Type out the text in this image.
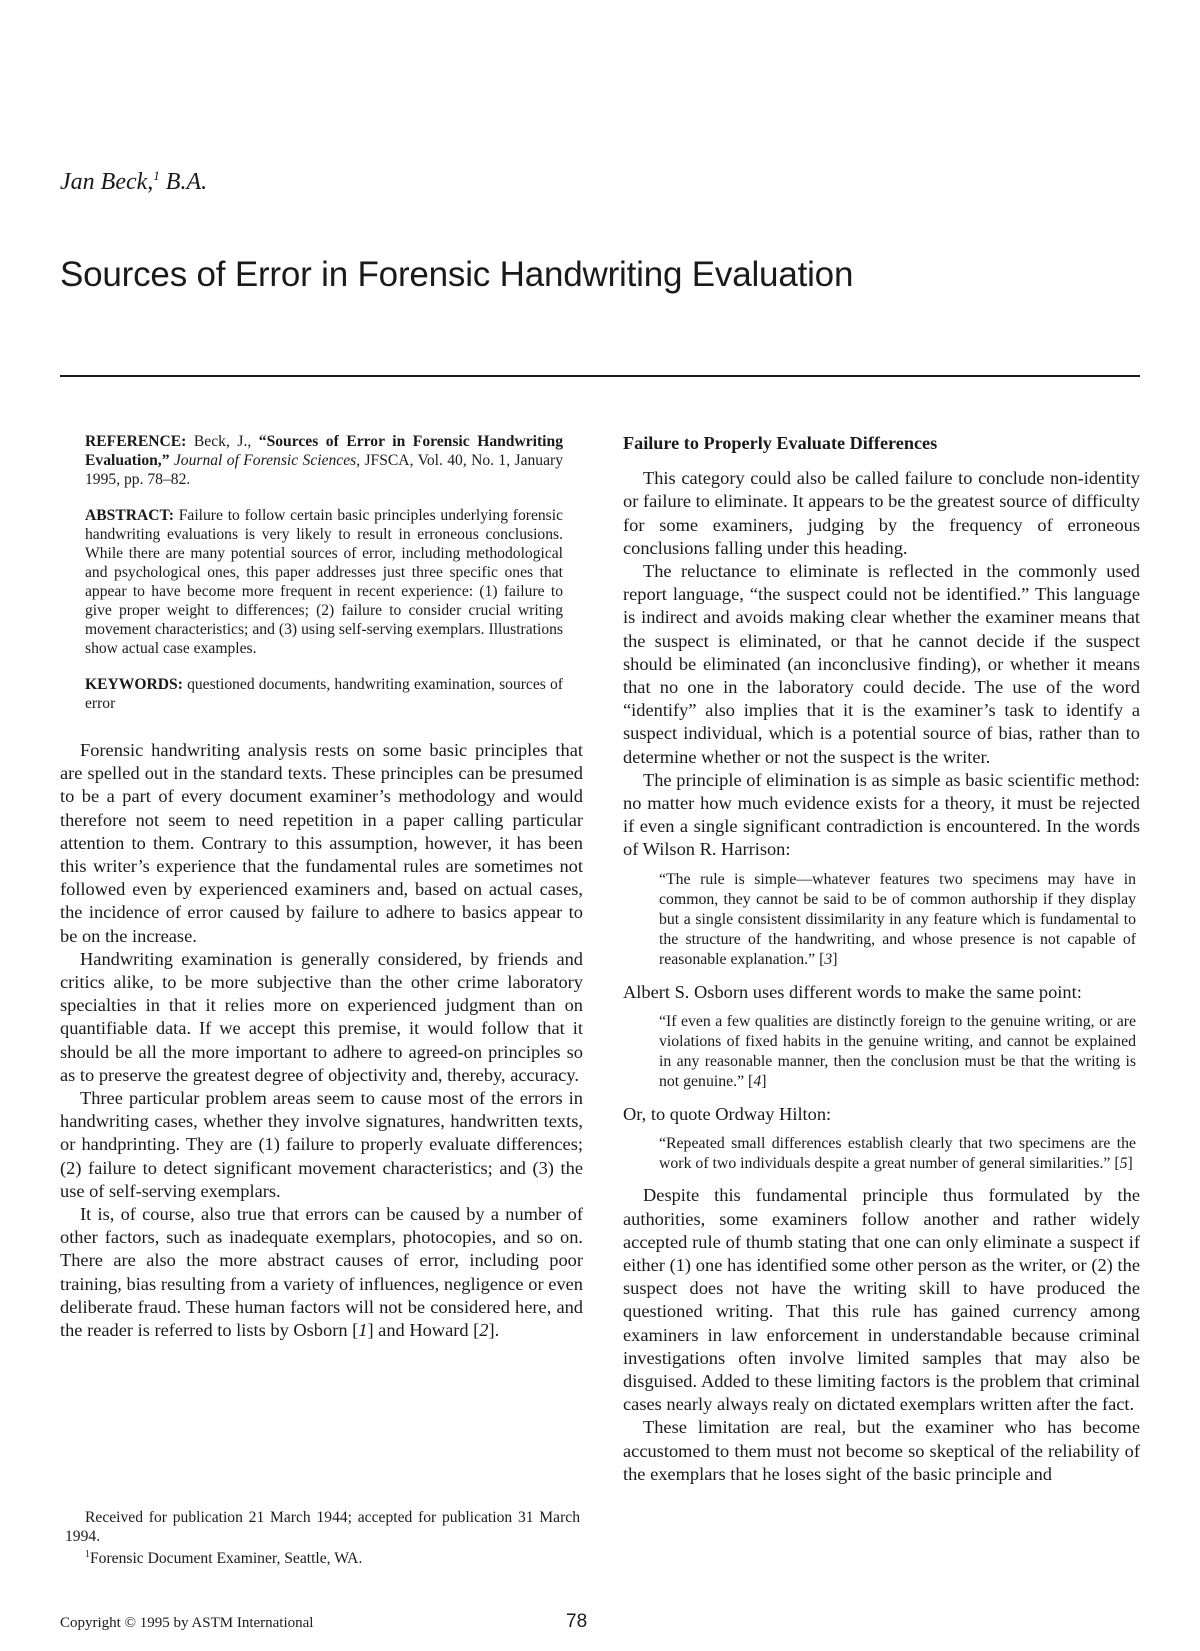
Jan Beck,$^1$ B.A.
Sources of Error in Forensic Handwriting Evaluation

REFERENCE: Beck, J., “Sources of Error in Forensic Handwriting Evaluation,” Journal of Forensic Sciences, JFSCA, Vol. 40, No. 1, January 1995, pp. 78–82.

ABSTRACT: Failure to follow certain basic principles underlying forensic handwriting evaluations is very likely to result in erroneous conclusions. While there are many potential sources of error, including methodological and psychological ones, this paper addresses just three specific ones that appear to have become more frequent in recent experience: (1) failure to give proper weight to differences; (2) failure to consider crucial writing movement characteristics; and (3) using self-serving exemplars. Illustrations show actual case examples.

KEYWORDS: questioned documents, handwriting examination, sources of error

Forensic handwriting analysis rests on some basic principles that are spelled out in the standard texts. These principles can be presumed to be a part of every document examiner’s methodology and would therefore not seem to need repetition in a paper calling particular attention to them. Contrary to this assumption, however, it has been this writer’s experience that the fundamental rules are sometimes not followed even by experienced examiners and, based on actual cases, the incidence of error caused by failure to adhere to basics appear to be on the increase.

Handwriting examination is generally considered, by friends and critics alike, to be more subjective than the other crime laboratory specialties in that it relies more on experienced judgment than on quantifiable data. If we accept this premise, it would follow that it should be all the more important to adhere to agreed-on principles so as to preserve the greatest degree of objectivity and, thereby, accuracy.

Three particular problem areas seem to cause most of the errors in handwriting cases, whether they involve signatures, handwritten texts, or handprinting. They are (1) failure to properly evaluate differences; (2) failure to detect significant movement characteristics; and (3) the use of self-serving exemplars.

It is, of course, also true that errors can be caused by a number of other factors, such as inadequate exemplars, photocopies, and so on. There are also the more abstract causes of error, including poor training, bias resulting from a variety of influences, negligence or even deliberate fraud. These human factors will not be considered here, and the reader is referred to lists by Osborn [1] and Howard [2].

Received for publication 21 March 1944; accepted for publication 31 March 1994.

$^1$Forensic Document Examiner, Seattle, WA.

Failure to Properly Evaluate Differences

This category could also be called failure to conclude non-identity or failure to eliminate. It appears to be the greatest source of difficulty for some examiners, judging by the frequency of erroneous conclusions falling under this heading.

The reluctance to eliminate is reflected in the commonly used report language, “the suspect could not be identified.” This language is indirect and avoids making clear whether the examiner means that the suspect is eliminated, or that he cannot decide if the suspect should be eliminated (an inconclusive finding), or whether it means that no one in the laboratory could decide. The use of the word “identify” also implies that it is the examiner’s task to identify a suspect individual, which is a potential source of bias, rather than to determine whether or not the suspect is the writer.

The principle of elimination is as simple as basic scientific method: no matter how much evidence exists for a theory, it must be rejected if even a single significant contradiction is encountered. In the words of Wilson R. Harrison:

“The rule is simple—whatever features two specimens may have in common, they cannot be said to be of common authorship if they display but a single consistent dissimilarity in any feature which is fundamental to the structure of the handwriting, and whose presence is not capable of reasonable explanation.” [3]

Albert S. Osborn uses different words to make the same point:

“If even a few qualities are distinctly foreign to the genuine writing, or are violations of fixed habits in the genuine writing, and cannot be explained in any reasonable manner, then the conclusion must be that the writing is not genuine.” [4]

Or, to quote Ordway Hilton:

“Repeated small differences establish clearly that two specimens are the work of two individuals despite a great number of general similarities.” [5]

Despite this fundamental principle thus formulated by the authorities, some examiners follow another and rather widely accepted rule of thumb stating that one can only eliminate a suspect if either (1) one has identified some other person as the writer, or (2) the suspect does not have the writing skill to have produced the questioned writing. That this rule has gained currency among examiners in law enforcement in understandable because criminal investigations often involve limited samples that may also be disguised. Added to these limiting factors is the problem that criminal cases nearly always realy on dictated exemplars written after the fact.

These limitation are real, but the examiner who has become accustomed to them must not become so skeptical of the reliability of the exemplars that he loses sight of the basic principle and

Copyright © 1995 by ASTM International	78
